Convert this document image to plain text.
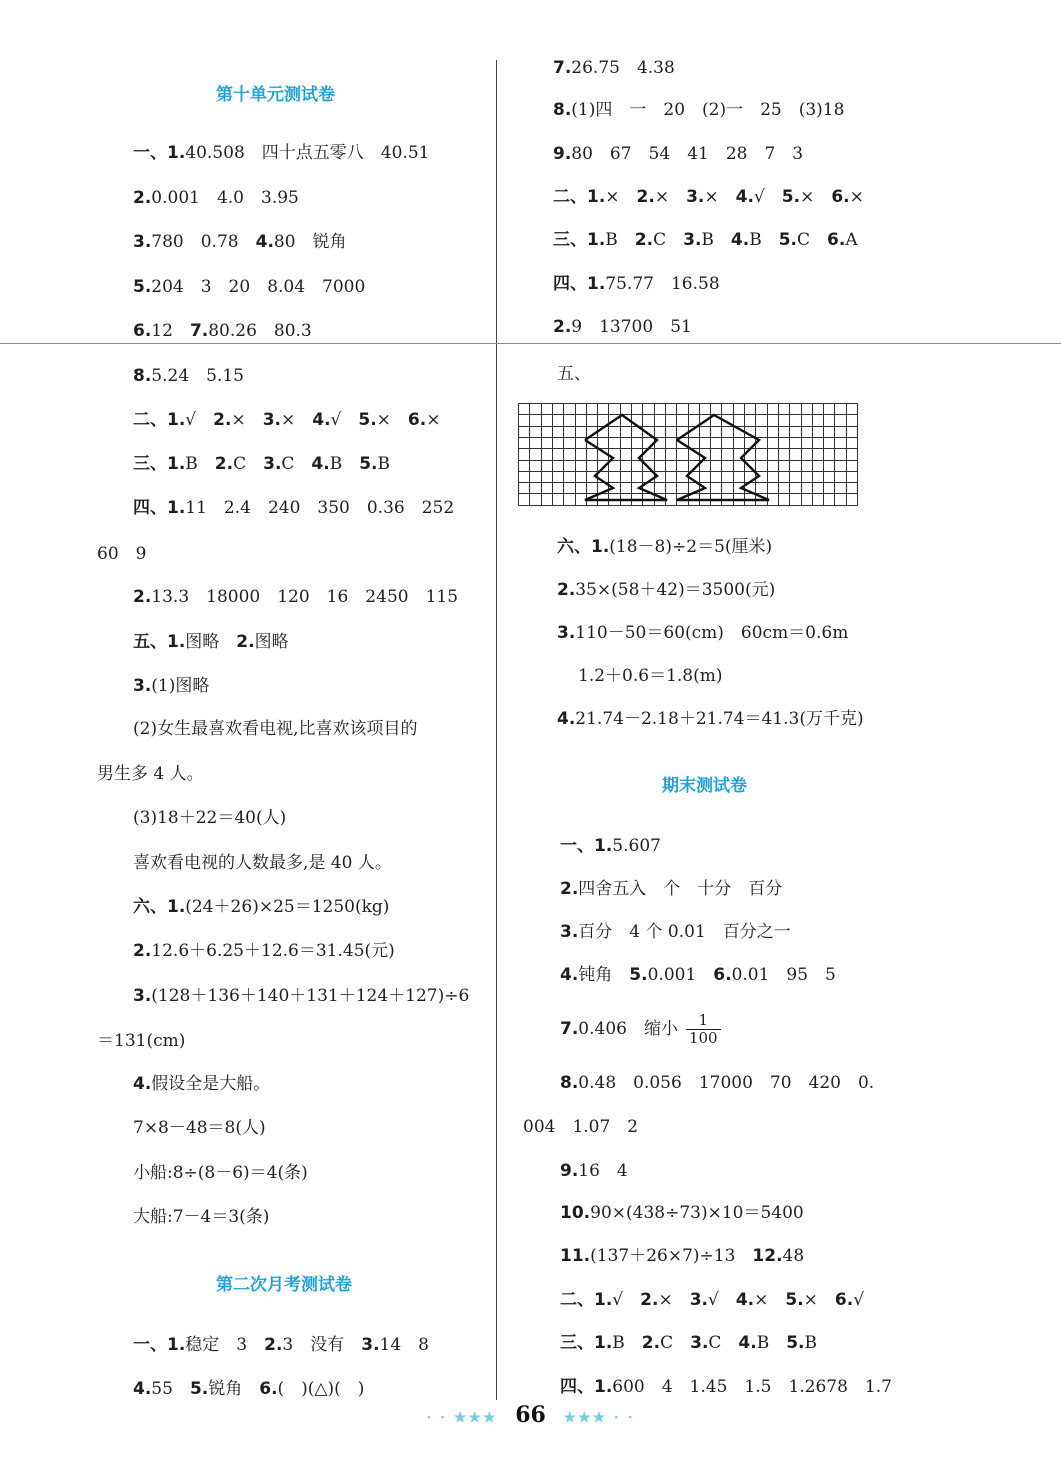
第十单元测试卷
一、1.40.508　四十点五零八　40.51
2.0.001　4.0　3.95
3.780　0.78　4.80　锐角
5.204　3　20　8.04　7000
6.12　7.80.26　80.3
8.5.24　5.15
二、1.√　2.×　3.×　4.√　5.×　6.×
三、1.B　2.C　3.C　4.B　5.B
四、1.11　2.4　240　350　0.36　252
60　9
2.13.3　18000　120　16　2450　115
五、1.图略　2.图略
3.(1)图略
(2)女生最喜欢看电视,比喜欢该项目的
男生多 4 人。
(3)18＋22＝40(人)
喜欢看电视的人数最多,是 40 人。
六、1.(24＋26)×25＝1250(kg)
2.12.6＋6.25＋12.6＝31.45(元)
3.(128＋136＋140＋131＋124＋127)÷6
＝131(cm)
4.假设全是大船。
7×8－48＝8(人)
小船:8÷(8－6)＝4(条)
大船:7－4＝3(条)
第二次月考测试卷
一、1.稳定　3　2.3　没有　3.14　8
4.55　5.锐角　6.(　)(△)(　)
7.26.75　4.38
8.(1)四　一　20　(2)一　25　(3)18
9.80　67　54　41　28　7　3
二、1.×　2.×　3.×　4.√　5.×　6.×
三、1.B　2.C　3.B　4.B　5.C　6.A
四、1.75.77　16.58
2.9　13700　51
五、
六、1.(18－8)÷2＝5(厘米)
2.35×(58＋42)＝3500(元)
3.110－50＝60(cm)　60cm＝0.6m
1.2＋0.6＝1.8(m)
4.21.74－2.18＋21.74＝41.3(万千克)
期末测试卷
一、1.5.607
2.四舍五入　个　十分　百分
3.百分　4 个 0.01　百分之一
4.钝角　5.0.001　6.0.01　95　5
7.0.406　缩小 $\frac{1}{100}$
8.0.48　0.056　17000　70　420　0.
004　1.07　2
9.16　4
10.90×(438÷73)×10＝5400
11.(137＋26×7)÷13　12.48
二、1.√　2.×　3.√　4.×　5.×　6.√
三、1.B　2.C　3.C　4.B　5.B
四、1.600　4　1.45　1.5　1.2678　1.7
· · ★★★ 66 ★★★ · ·
